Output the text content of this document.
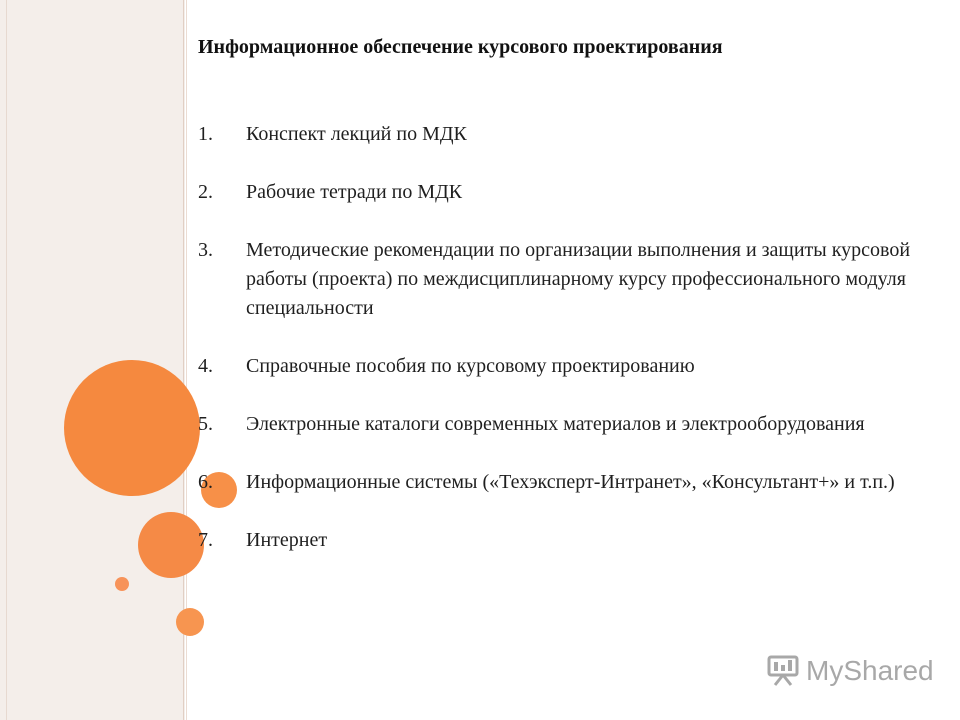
Информационное обеспечение курсового проектирования
1.	Конспект лекций по МДК
2.	Рабочие тетради по МДК
3.	Методические рекомендации по организации выполнения и защиты курсовой работы (проекта) по междисциплинарному курсу профессионального модуля специальности
4.	Справочные пособия по курсовому проектированию
5.	Электронные каталоги современных материалов и электрооборудования
6.	Информационные системы («Техэксперт-Интранет», «Консультант+» и т.п.)
7.	Интернет
MyShared
